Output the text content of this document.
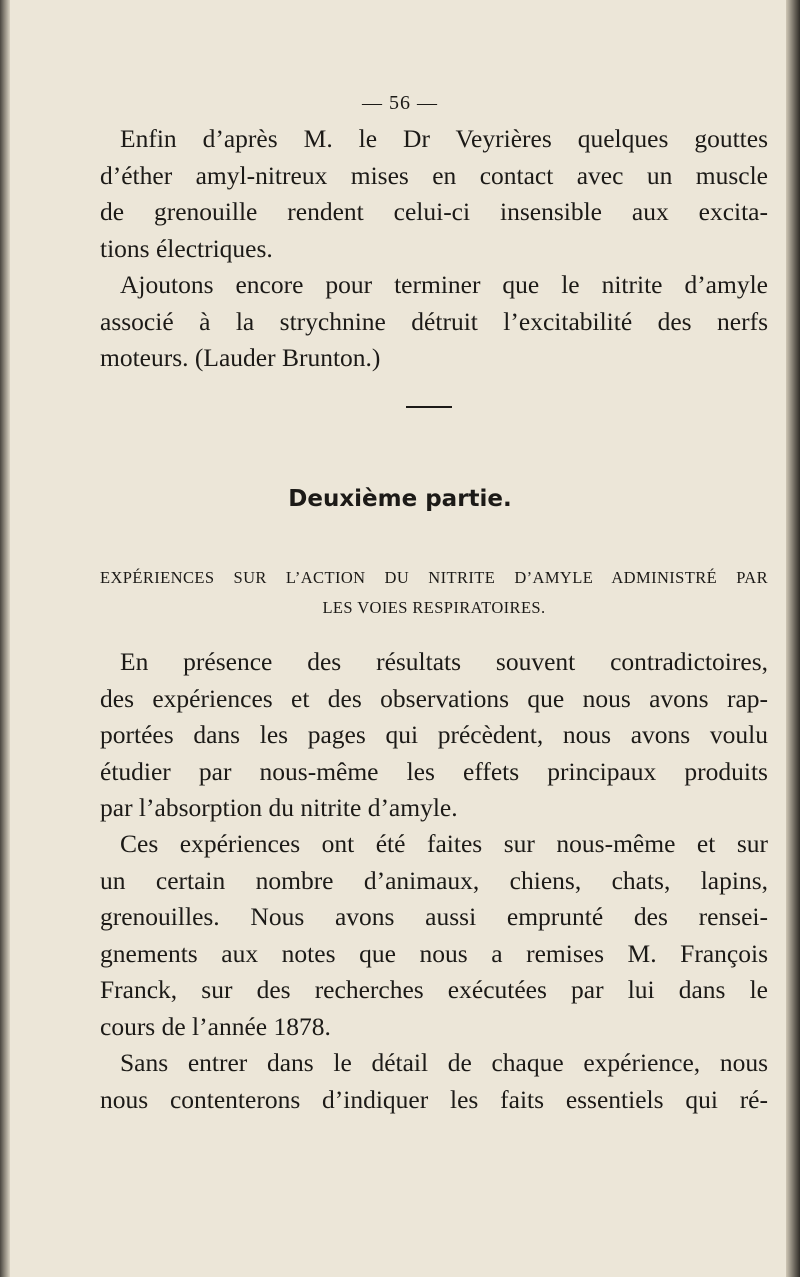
— 56 —

Enfin d’après M. le Dr Veyrières quelques gouttes

d’éther amyl-nitreux mises en contact avec un muscle

de grenouille rendent celui-ci insensible aux excita-

tions électriques.

Ajoutons encore pour terminer que le nitrite d’amyle

associé à la strychnine détruit l’excitabilité des nerfs

moteurs. (Lauder Brunton.)

Deuxième partie.
EXPÉRIENCES SUR L’ACTION DU NITRITE D’AMYLE ADMINISTRÉ PAR
LES VOIES RESPIRATOIRES.

En présence des résultats souvent contradictoires,

des expériences et des observations que nous avons rap-

portées dans les pages qui précèdent, nous avons voulu

étudier par nous-même les effets principaux produits

par l’absorption du nitrite d’amyle.

Ces expériences ont été faites sur nous-même et sur

un certain nombre d’animaux, chiens, chats, lapins,

grenouilles. Nous avons aussi emprunté des rensei-

gnements aux notes que nous a remises M. François

Franck, sur des recherches exécutées par lui dans le

cours de l’année 1878.

Sans entrer dans le détail de chaque expérience, nous

nous contenterons d’indiquer les faits essentiels qui ré-
